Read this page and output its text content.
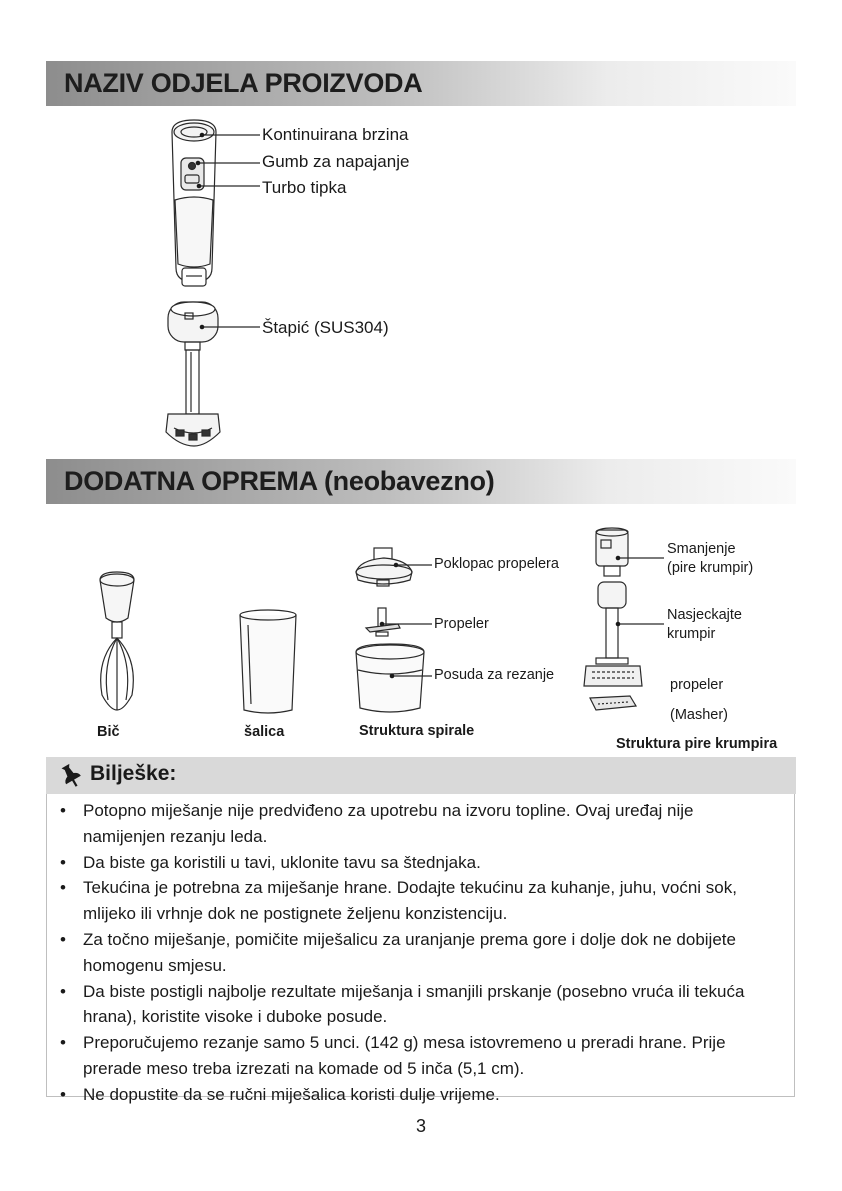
NAZIV ODJELA PROIZVODA
Kontinuirana brzina
Gumb za napajanje
Turbo tipka
Štapić (SUS304)
DODATNA OPREMA (neobavezno)
Poklopac propelera
Propeler
Posuda za rezanje
Smanjenje
(pire krumpir)
Nasjeckajte
krumpir
propeler
(Masher)
Bič	šalica	Struktura spirale
Struktura pire krumpira
Bilješke:
• Potopno miješanje nije predviđeno za upotrebu na izvoru topline. Ovaj uređaj nije namijenjen rezanju leda.
• Da biste ga koristili u tavi, uklonite tavu sa štednjaka.
• Tekućina je potrebna za miješanje hrane. Dodajte tekućinu za kuhanje, juhu, voćni sok, mlijeko ili vrhnje dok ne postignete željenu konzistenciju.
• Za točno miješanje, pomičite miješalicu za uranjanje prema gore i dolje dok ne dobijete homogenu smjesu.
• Da biste postigli najbolje rezultate miješanja i smanjili prskanje (posebno vruća ili tekuća hrana), koristite visoke i duboke posude.
• Preporučujemo rezanje samo 5 unci. (142 g) mesa istovremeno u preradi hrane. Prije prerade meso treba izrezati na komade od 5 inča (5,1 cm).
• Ne dopustite da se ručni miješalica koristi dulje vrijeme.
3
